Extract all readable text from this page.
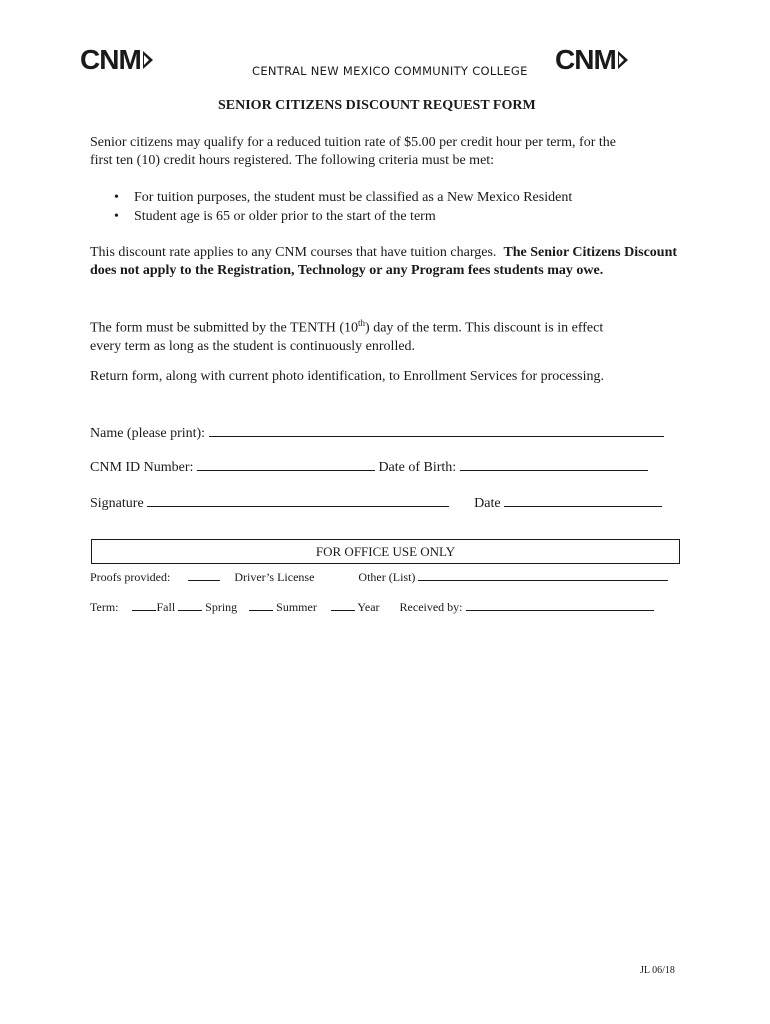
CNM	CNM
CENTRAL NEW MEXICO COMMUNITY COLLEGE
SENIOR CITIZENS DISCOUNT REQUEST FORM
Senior citizens may qualify for a reduced tuition rate of $5.00 per credit hour per term, for the
first ten (10) credit hours registered. The following criteria must be met:
• For tuition purposes, the student must be classified as a New Mexico Resident
• Student age is 65 or older prior to the start of the term
This discount rate applies to any CNM courses that have tuition charges. The Senior Citizens Discount does not apply to the Registration, Technology or any Program fees students may owe.
The form must be submitted by the TENTH (10th) day of the term. This discount is in effect
every term as long as the student is continuously enrolled.
Return form, along with current photo identification, to Enrollment Services for processing.
Name (please print):
CNM ID Number:	Date of Birth:
Signature	Date
FOR OFFICE USE ONLY
Proofs provided:	Driver’s License	Other (List)
Term:	Fall	Spring	Summer	Year Received by:
JL 06/18
